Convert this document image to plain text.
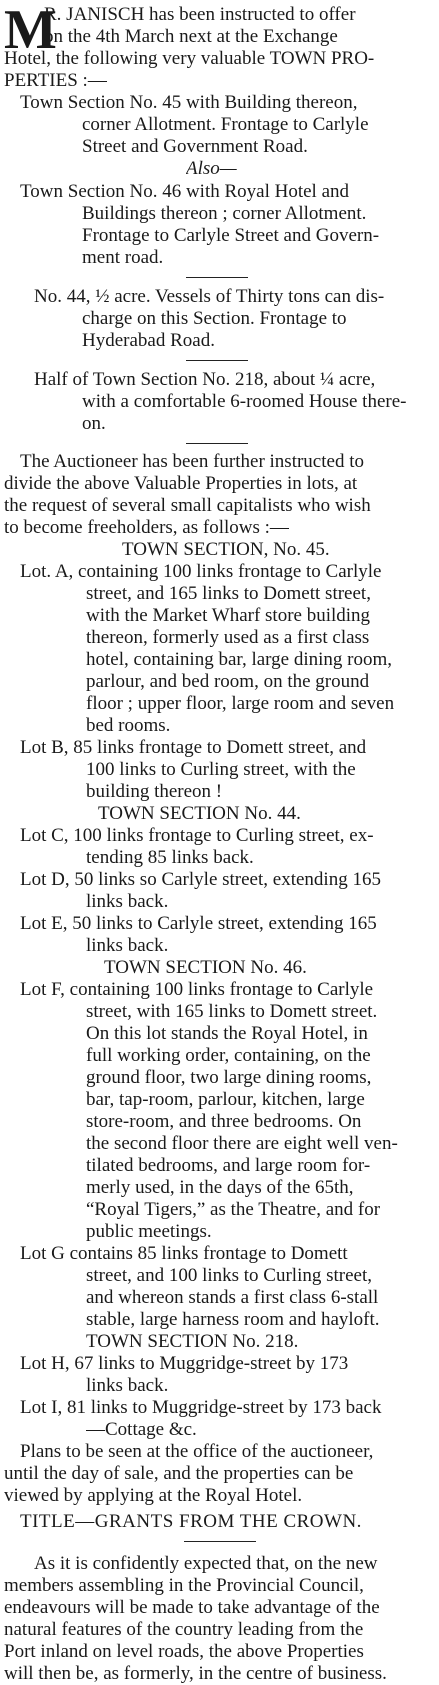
M
R. JANISCH has been instructed to offer
on the 4th March next at the Exchange
Hotel, the following very valuable TOWN PRO-
PERTIES :—
Town Section No. 45 with Building thereon,
corner Allotment. Frontage to Carlyle
Street and Government Road.
Also—
Town Section No. 46 with Royal Hotel and
Buildings thereon ; corner Allotment.
Frontage to Carlyle Street and Govern-
ment road.
No. 44, ½ acre. Vessels of Thirty tons can dis-
charge on this Section. Frontage to
Hyderabad Road.
Half of Town Section No. 218, about ¼ acre,
with a comfortable 6-roomed House there-
on.
The Auctioneer has been further instructed to
divide the above Valuable Properties in lots, at
the request of several small capitalists who wish
to become freeholders, as follows :—
TOWN SECTION, No. 45.
Lot. A, containing 100 links frontage to Carlyle
street, and 165 links to Domett street,
with the Market Wharf store building
thereon, formerly used as a first class
hotel, containing bar, large dining room,
parlour, and bed room, on the ground
floor ; upper floor, large room and seven
bed rooms.
Lot B, 85 links frontage to Domett street, and
100 links to Curling street, with the
building thereon !
TOWN SECTION No. 44.
Lot C, 100 links frontage to Curling street, ex-
tending 85 links back.
Lot D, 50 links so Carlyle street, extending 165
links back.
Lot E, 50 links to Carlyle street, extending 165
links back.
TOWN SECTION No. 46.
Lot F, containing 100 links frontage to Carlyle
street, with 165 links to Domett street.
On this lot stands the Royal Hotel, in
full working order, containing, on the
ground floor, two large dining rooms,
bar, tap-room, parlour, kitchen, large
store-room, and three bedrooms. On
the second floor there are eight well ven-
tilated bedrooms, and large room for-
merly used, in the days of the 65th,
“Royal Tigers,” as the Theatre, and for
public meetings.
Lot G contains 85 links frontage to Domett
street, and 100 links to Curling street,
and whereon stands a first class 6-stall
stable, large harness room and hayloft.
TOWN SECTION No. 218.
Lot H, 67 links to Muggridge-street by 173
links back.
Lot I, 81 links to Muggridge-street by 173 back
—Cottage &c.
Plans to be seen at the office of the auctioneer,
until the day of sale, and the properties can be
viewed by applying at the Royal Hotel.
TITLE—GRANTS FROM THE CROWN.
As it is confidently expected that, on the new
members assembling in the Provincial Council,
endeavours will be made to take advantage of the
natural features of the country leading from the
Port inland on level roads, the above Properties
will then be, as formerly, in the centre of business.
